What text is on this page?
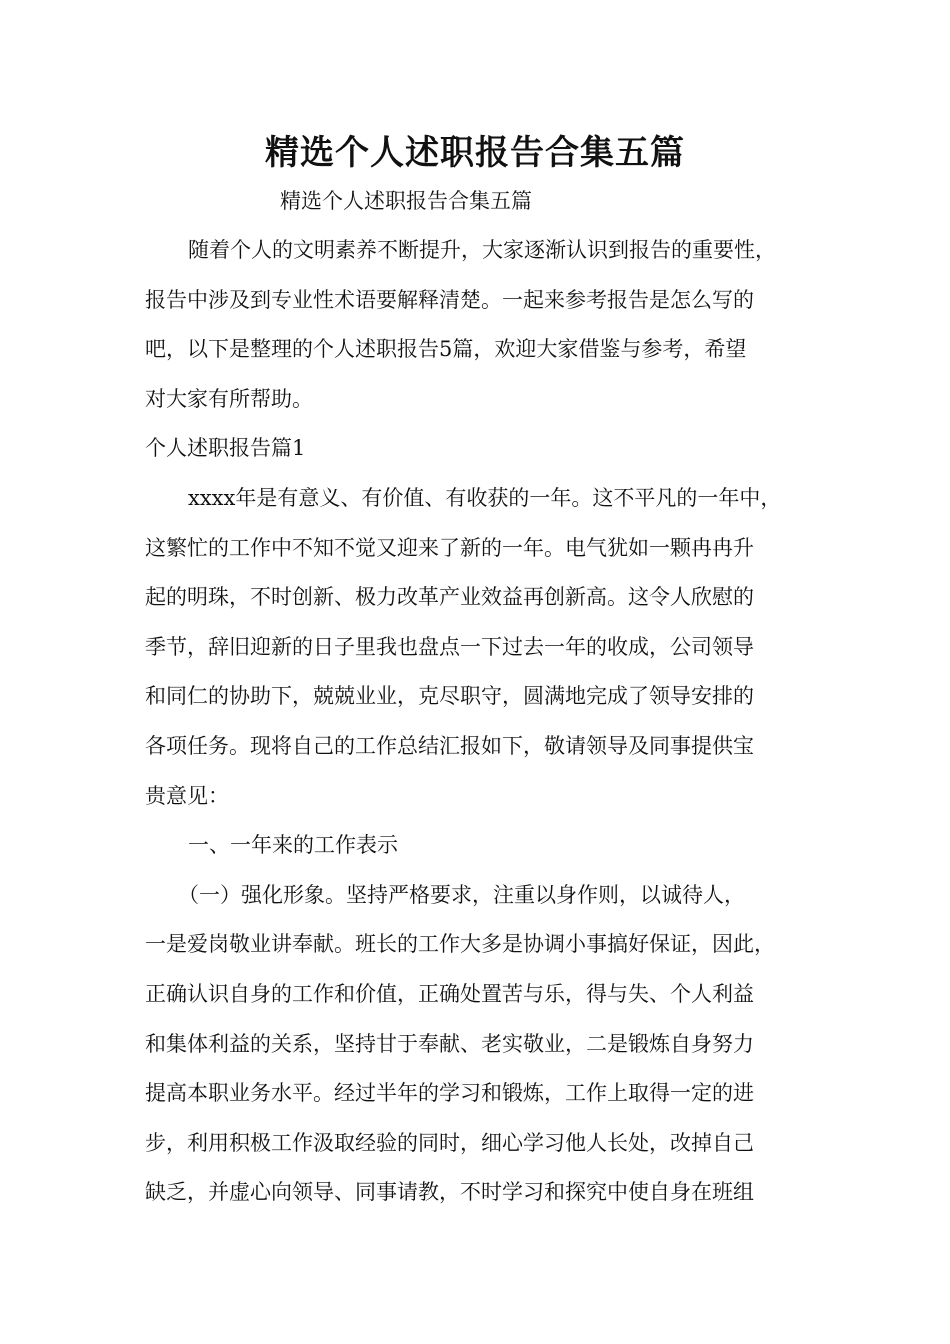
精选个人述职报告合集五篇

精选个人述职报告合集五篇

随着个人的文明素养不断提升，大家逐渐认识到报告的重要性，
报告中涉及到专业性术语要解释清楚。一起来参考报告是怎么写的
吧，以下是整理的个人述职报告5篇，欢迎大家借鉴与参考，希望
对大家有所帮助。
个人述职报告篇1
xxxx年是有意义、有价值、有收获的一年。这不平凡的一年中，
这繁忙的工作中不知不觉又迎来了新的一年。电气犹如一颗冉冉升
起的明珠，不时创新、极力改革产业效益再创新高。这令人欣慰的
季节，辞旧迎新的日子里我也盘点一下过去一年的收成，公司领导
和同仁的协助下，兢兢业业，克尽职守，圆满地完成了领导安排的
各项任务。现将自己的工作总结汇报如下，敬请领导及同事提供宝
贵意见：
一、一年来的工作表示
（一）强化形象。坚持严格要求，注重以身作则，以诚待人，
一是爱岗敬业讲奉献。班长的工作大多是协调小事搞好保证，因此，
正确认识自身的工作和价值，正确处置苦与乐，得与失、个人利益
和集体利益的关系，坚持甘于奉献、老实敬业，二是锻炼自身努力
提高本职业务水平。经过半年的学习和锻炼，工作上取得一定的进
步，利用积极工作汲取经验的同时，细心学习他人长处，改掉自己
缺乏，并虚心向领导、同事请教，不时学习和探究中使自身在班组
